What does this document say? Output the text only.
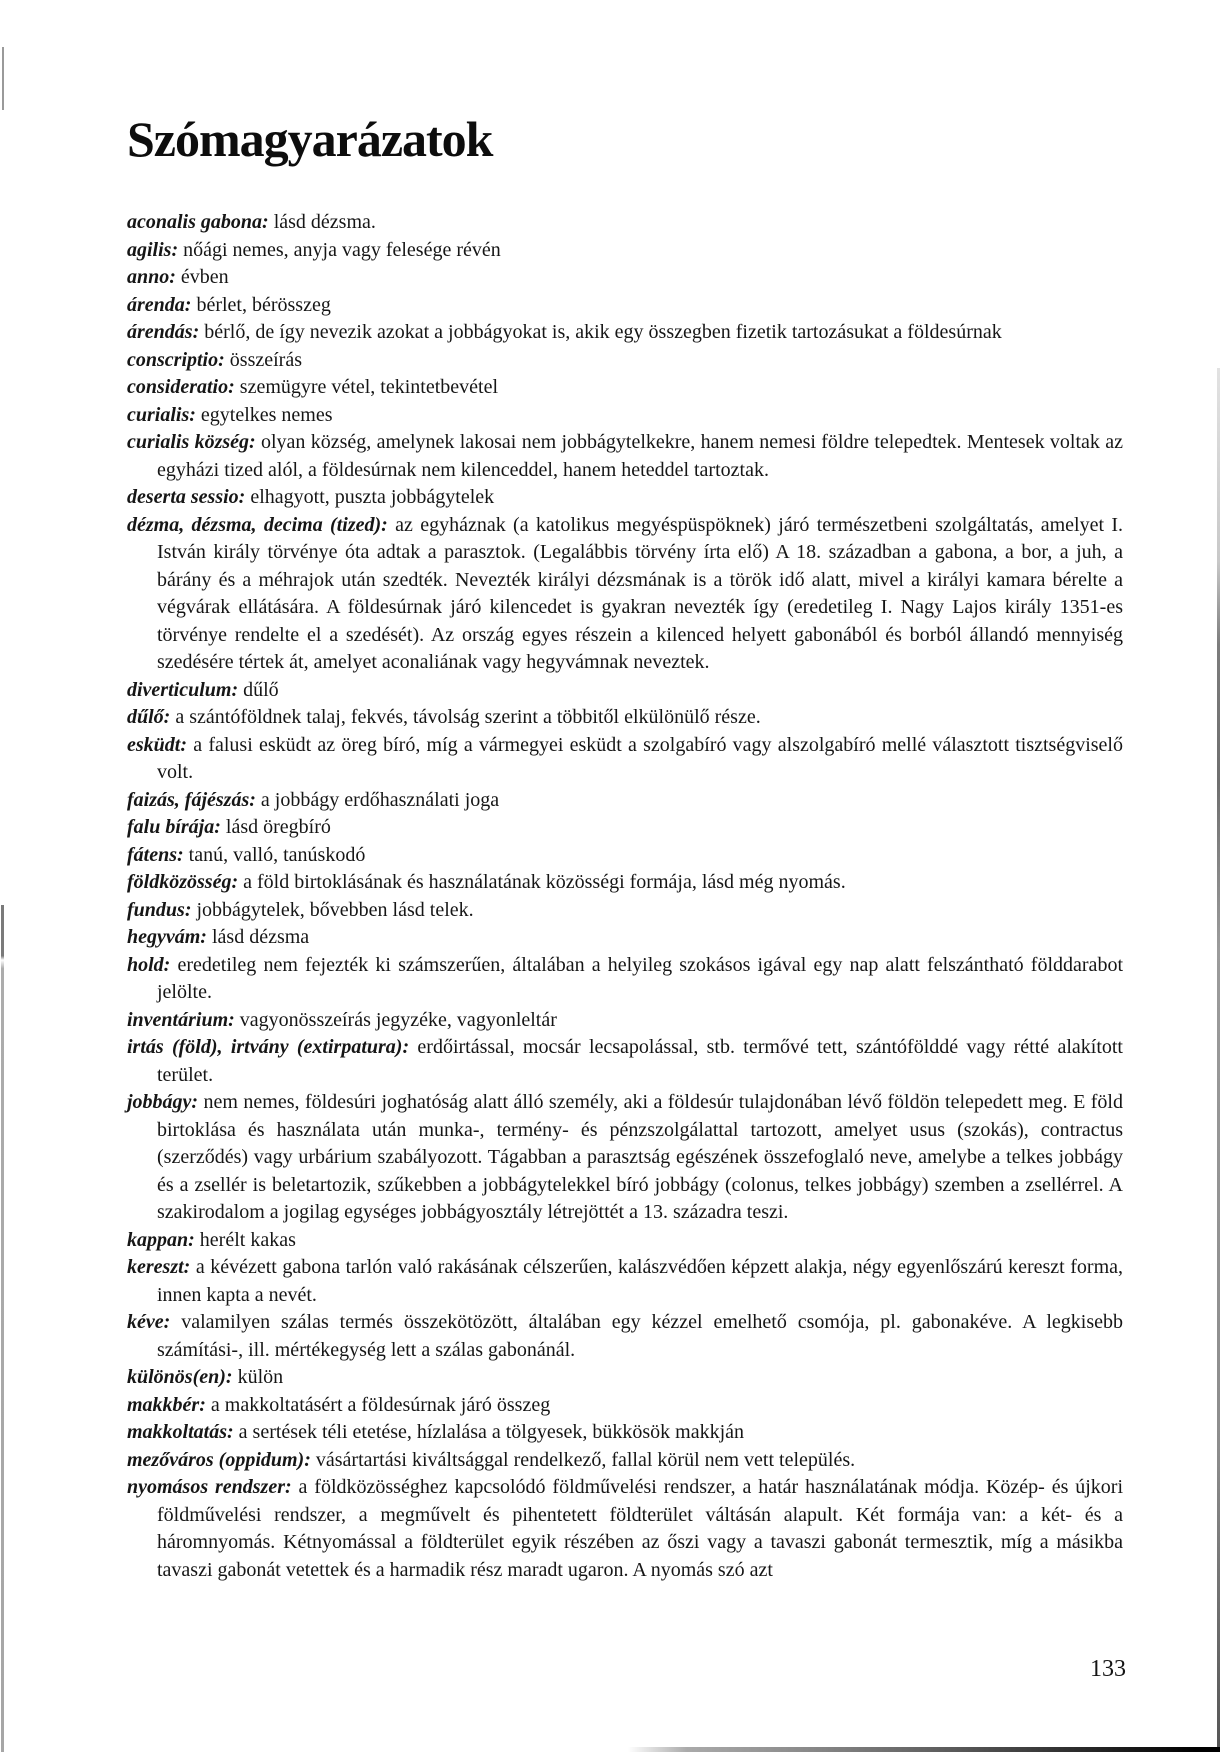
Szómagyarázatok

aconalis gabona: lásd dézsma.

agilis: nőági nemes, anyja vagy felesége révén

anno: évben

árenda: bérlet, bérösszeg

árendás: bérlő, de így nevezik azokat a jobbágyokat is, akik egy összegben fizetik tartozásukat a földesúrnak

conscriptio: összeírás

consideratio: szemügyre vétel, tekintetbevétel

curialis: egytelkes nemes

curialis község: olyan község, amelynek lakosai nem jobbágytelkekre, hanem nemesi földre telepedtek. Mentesek voltak az egyházi tized alól, a földesúrnak nem kilenceddel, hanem heteddel tartoztak.

deserta sessio: elhagyott, puszta jobbágytelek

dézma, dézsma, decima (tized): az egyháznak (a katolikus megyéspüspöknek) járó természetbeni szolgáltatás, amelyet I. István király törvénye óta adtak a parasztok. (Legalábbis törvény írta elő) A 18. században a gabona, a bor, a juh, a bárány és a méhrajok után szedték. Nevezték királyi dézsmának is a török idő alatt, mivel a királyi kamara bérelte a végvárak ellátására. A földesúrnak járó kilencedet is gyakran nevezték így (eredetileg I. Nagy Lajos király 1351-es törvénye rendelte el a szedését). Az ország egyes részein a kilenced helyett gabonából és borból állandó mennyiség szedésére tértek át, amelyet aconaliának vagy hegyvámnak neveztek.

diverticulum: dűlő

dűlő: a szántóföldnek talaj, fekvés, távolság szerint a többitől elkülönülő része.

esküdt: a falusi esküdt az öreg bíró, míg a vármegyei esküdt a szolgabíró vagy alszolgabíró mellé választott tisztségviselő volt.

faizás, fájészás: a jobbágy erdőhasználati joga

falu bírája: lásd öregbíró

fátens: tanú, valló, tanúskodó

földközösség: a föld birtoklásának és használatának közösségi formája, lásd még nyomás.

fundus: jobbágytelek, bővebben lásd telek.

hegyvám: lásd dézsma

hold: eredetileg nem fejezték ki számszerűen, általában a helyileg szokásos igával egy nap alatt felszántható földdarabot jelölte.

inventárium: vagyonösszeírás jegyzéke, vagyonleltár

irtás (föld), irtvány (extirpatura): erdőirtással, mocsár lecsapolással, stb. termővé tett, szántófölddé vagy rétté alakított terület.

jobbágy: nem nemes, földesúri joghatóság alatt álló személy, aki a földesúr tulajdonában lévő földön telepedett meg. E föld birtoklása és használata után munka-, termény- és pénzszolgálattal tartozott, amelyet usus (szokás), contractus (szerződés) vagy urbárium szabályozott. Tágabban a parasztság egészének összefoglaló neve, amelybe a telkes jobbágy és a zsellér is beletartozik, szűkebben a jobbágytelekkel bíró jobbágy (colonus, telkes jobbágy) szemben a zsellérrel. A szakirodalom a jogilag egységes jobbágyosztály létrejöttét a 13. századra teszi.

kappan: herélt kakas

kereszt: a kévézett gabona tarlón való rakásának célszerűen, kalászvédően képzett alakja, négy egyenlőszárú kereszt forma, innen kapta a nevét.

kéve: valamilyen szálas termés összekötözött, általában egy kézzel emelhető csomója, pl. gabonakéve. A legkisebb számítási-, ill. mértékegység lett a szálas gabonánál.

különös(en): külön

makkbér: a makkoltatásért a földesúrnak járó összeg

makkoltatás: a sertések téli etetése, hízlalása a tölgyesek, bükkösök makkján

mezőváros (oppidum): vásártartási kiváltsággal rendelkező, fallal körül nem vett település.

nyomásos rendszer: a földközösséghez kapcsolódó földművelési rendszer, a határ használatának módja. Közép- és újkori földművelési rendszer, a megművelt és pihentetett földterület váltásán alapult. Két formája van: a két- és a háromnyomás. Kétnyomással a földterület egyik részében az őszi vagy a tavaszi gabonát termesztik, míg a másikba tavaszi gabonát vetettek és a harmadik rész maradt ugaron. A nyomás szó azt

133
